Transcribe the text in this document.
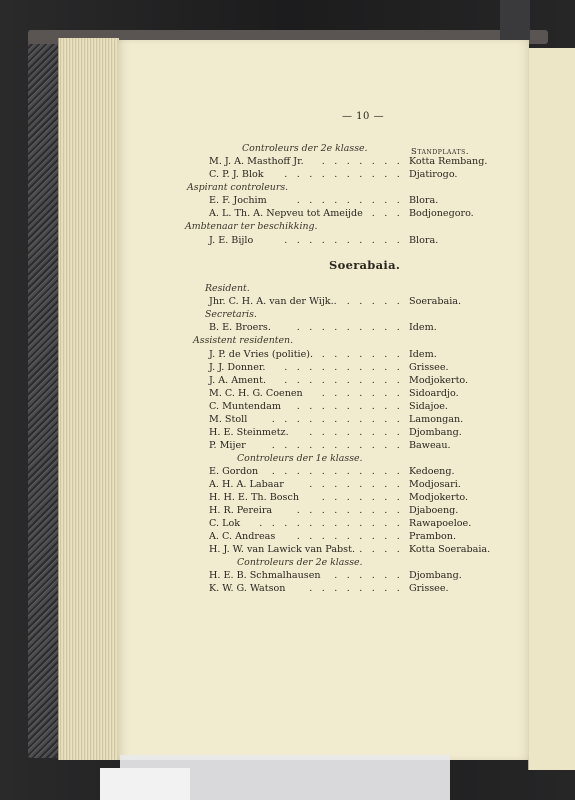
— 10 —
Standplaats.
Soerabaia.
Controleurs der 2e klasse.
M. J. A. Masthoff Jr. . . . . . . . Kotta Rembang.
C. P. J. Blok . . . . . . . . . . Djatirogo.
Aspirant controleurs.
E. F. Jochim	. . . . . . . . . Blora.
A. L. Th. A. Nepveu tot Ameijde . . . Bodjonegoro.
Ambtenaar ter beschikking.
J. E. Bijlo	. . . . . . . . . . Blora.
Resident.
Jhr. C. H. A. van der Wijk.. . . . . . Soerabaia.
Secretaris.
B. E. Broers.	. . . . . . . . . Idem.
Assistent residenten.
J. P. de Vries (politie). . . . . . . . Idem.
J. J. Donner. . . . . . . . . . . Grissee.
J. A. Ament. . . . . . . . . . . Modjokerto.
M. C. H. G. Coenen . . . . . . . Sidoardjo.
C. Muntendam . . . . . . . . . Sidajoe.
M. Stoll	. . . . . . . . . . . Lamongan.
H. E. Steinmetz. . . . . . . . . Djombang.
P. Mijer	. . . . . . . . . . . Baweau.
Controleurs der 1e klasse.
E. Gordon . . . . . . . . . . . Kedoeng.
A. H. A. Labaar	. . . . . . . . Modjosari.
H. H. E. Th. Bosch . . . . . . . Modjokerto.
H. R. Pereira	. . . . . . . . . Djaboeng.
C. Lok . . . . . . . . . . . . Rawapoeloe.
A. C. Andreas . . . . . . . . . Prambon.
H. J. W. van Lawick van Pabst. . . . . Kotta Soerabaia.
Controleurs der 2e klasse.
H. E. B. Schmalhausen . . . . . . Djombang.
K. W. G. Watson . . . . . . . . Grissee.
